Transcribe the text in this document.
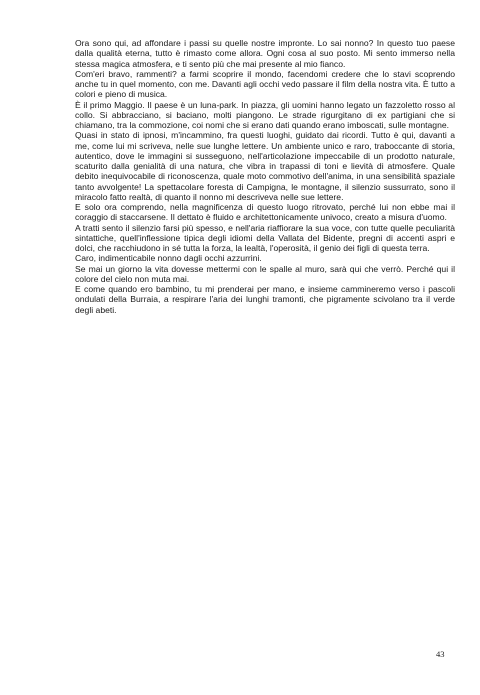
Ora sono qui, ad affondare i passi su quelle nostre impronte. Lo sai nonno? In questo tuo paese dalla qualità eterna, tutto è rimasto come allora. Ogni cosa al suo posto. Mi sento immerso nella stessa magica atmosfera, e ti sento più che mai presente al mio fianco.

Com'eri bravo, rammenti? a farmi scoprire il mondo, facendomi credere che lo stavi scoprendo anche tu in quel momento, con me. Davanti agli occhi vedo passare il film della nostra vita. È tutto a colori e pieno di musica.

È il primo Maggio. Il paese è un luna-park. In piazza, gli uomini hanno legato un fazzoletto rosso al collo. Si abbracciano, si baciano, molti piangono. Le strade rigurgitano di ex partigiani che si chiamano, tra la commozione, coi nomi che si erano dati quando erano imboscati, sulle montagne.

Quasi in stato di ipnosi, m'incammino, fra questi luoghi, guidato dai ricordi. Tutto è qui, davanti a me, come lui mi scriveva, nelle sue lunghe lettere. Un ambiente unico e raro, traboccante di storia, autentico, dove le immagini si susseguono, nell'articolazione impeccabile di un prodotto naturale, scaturito dalla genialità di una natura, che vibra in trapassi di toni e lievità di atmosfere. Quale debito inequivocabile di riconoscenza, quale moto commotivo dell'anima, in una sensibilità spaziale tanto avvolgente! La spettacolare foresta di Campigna, le montagne, il silenzio sussurrato, sono il miracolo fatto realtà, di quanto il nonno mi descriveva nelle sue lettere.

E solo ora comprendo, nella magnificenza di questo luogo ritrovato, perché lui non ebbe mai il coraggio di staccarsene. Il dettato è fluido e architettonicamente univoco, creato a misura d'uomo.

A tratti sento il silenzio farsi più spesso, e nell'aria riaffiorare la sua voce, con tutte quelle peculiarità sintattiche, quell'inflessione tipica degli idiomi della Vallata del Bidente, pregni di accenti aspri e dolci, che racchiudono in sé tutta la forza, la lealtà, l'operosità, il genio dei figli di questa terra.

Caro, indimenticabile nonno dagli occhi azzurrini.

Se mai un giorno la vita dovesse mettermi con le spalle al muro, sarà qui che verrò. Perché qui il colore del cielo non muta mai.

E come quando ero bambino, tu mi prenderai per mano, e insieme cammineremo verso i pascoli ondulati della Burraia, a respirare l'aria dei lunghi tramonti, che pigramente scivolano tra il verde degli abeti.

43
